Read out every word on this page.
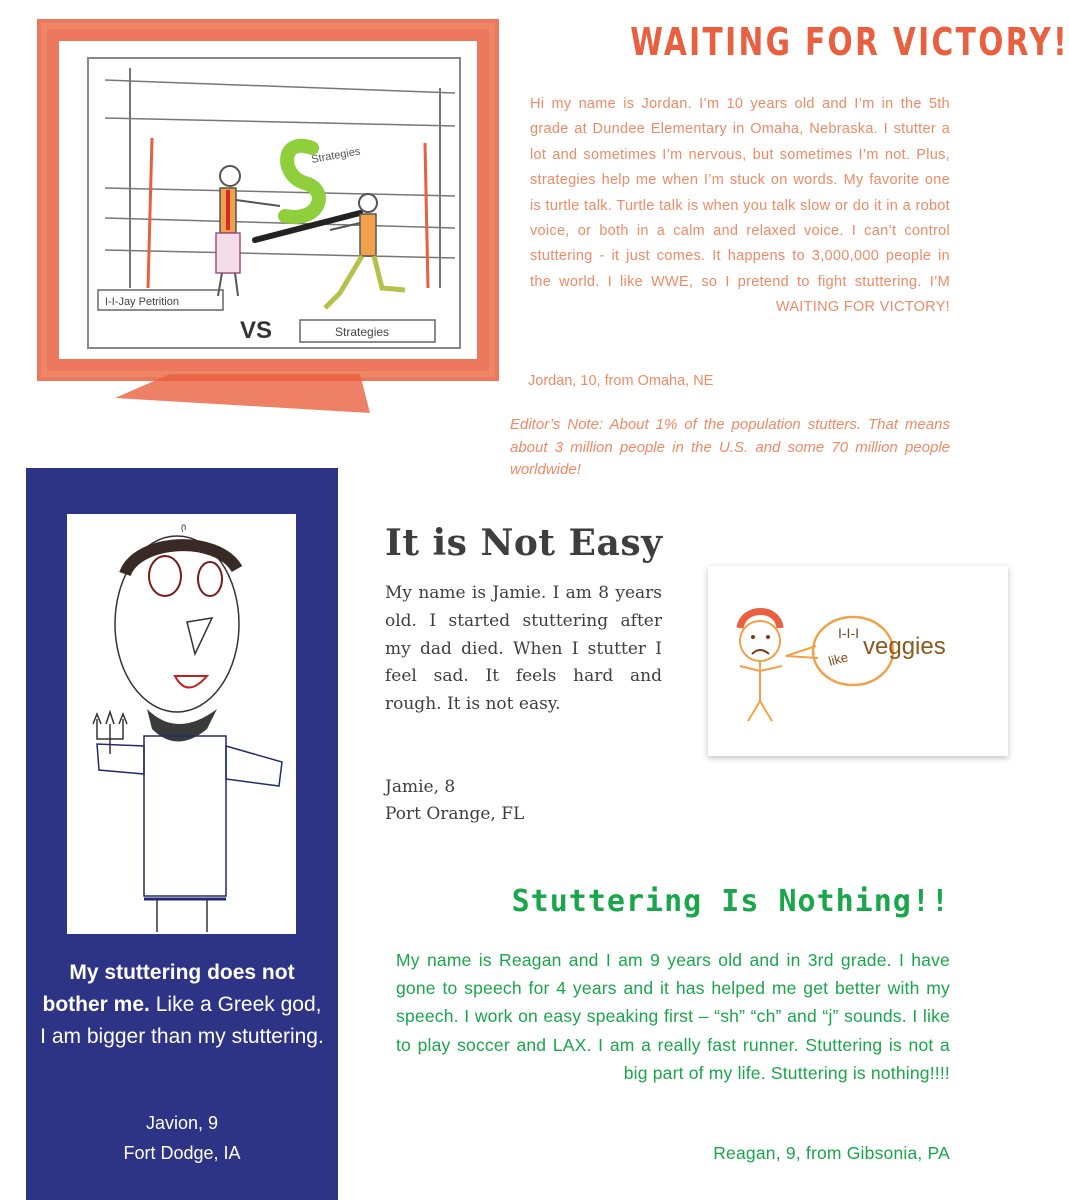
Strategies
I-I-Jay Petrition
VS	Strategies
WAITING FOR VICTORY!

Hi my name is Jordan. I’m 10 years old and I’m in the 5th grade at Dundee Elementary in Omaha, Nebraska. I stutter a lot and sometimes I’m nervous, but sometimes I’m not. Plus, strategies help me when I’m stuck on words. My favorite one is turtle talk. Turtle talk is when you talk slow or do it in a robot voice, or both in a calm and relaxed voice. I can’t control stuttering - it just comes. It happens to 3,000,000 people in the world. I like WWE, so I pretend to fight stuttering. I’M WAITING FOR VICTORY!

Jordan, 10, from Omaha, NE

Editor’s Note: About 1% of the population stutters. That means about 3 million people in the U.S. and some 70 million people worldwide!

My stuttering does not bother me. Like a Greek god, I am bigger than my stuttering.

Javion, 9
Fort Dodge, IA
It is Not Easy

My name is Jamie. I am 8 years old. I started stuttering after my dad died. When I stutter I feel sad. It feels hard and rough. It is not easy.

Jamie, 8
Port Orange, FL
I-I-I
like veggies
Stuttering Is Nothing!!

My name is Reagan and I am 9 years old and in 3rd grade. I have gone to speech for 4 years and it has helped me get better with my speech. I work on easy speaking first – “sh” “ch” and “j” sounds. I like to play soccer and LAX. I am a really fast runner. Stuttering is not a big part of my life. Stuttering is nothing!!!!

Reagan, 9, from Gibsonia, PA
